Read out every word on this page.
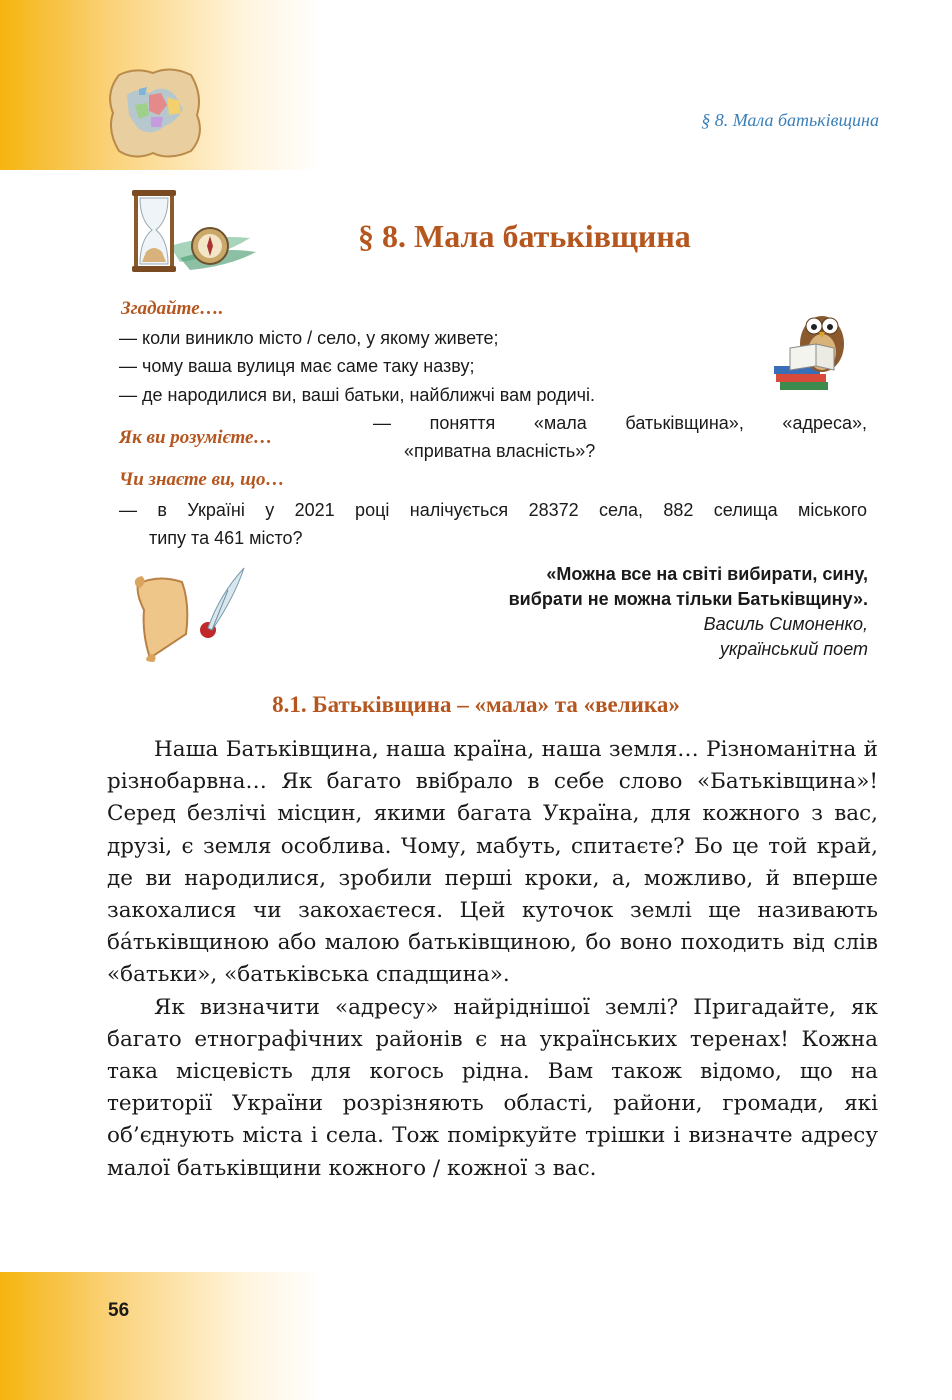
§ 8. Мала батьківщина
§ 8. Мала батьківщина
Згадайте….
— коли виникло місто / село, у якому живете;
— чому ваша вулиця має саме таку назву;
— де народилися ви, ваші батьки, найближчі вам родичі.
Як ви розумієте…
— поняття «мала батьківщина», «адреса»,
«приватна власність»?
Чи знаєте ви, що…
— в Україні у 2021 році налічується 28372 села, 882 селища міського
типу та 461 місто?
«Можна все на світі вибирати, сину,
вибрати не можна тільки Батьківщину».
Василь Симоненко,
український поет
8.1. Батьківщина – «мала» та «велика»

Наша Батьківщина, наша країна, наша земля… Різноманітна й різнобарвна… Як багато ввібрало в себе слово «Батьківщина»! Серед безлічі місцин, якими багата Україна, для кожного з вас, друзі, є земля особлива. Чому, мабуть, спитаєте? Бо це той край, де ви народилися, зробили перші кроки, а, можливо, й вперше закохалися чи закохаєтеся. Цей куточок землі ще називають ба́тьківщиною або малою батьківщиною, бо воно походить від слів «батьки», «батьківська спадщина».

Як визначити «адресу» найріднішої землі? Пригадайте, як багато етнографічних районів є на українських теренах! Кожна така місцевість для когось рідна. Вам також відомо, що на території України розрізняють області, райони, громади, які об’єднують міста і села. Тож поміркуйте трішки і визначте адресу малої батьківщини кожного / кожної з вас.

56
